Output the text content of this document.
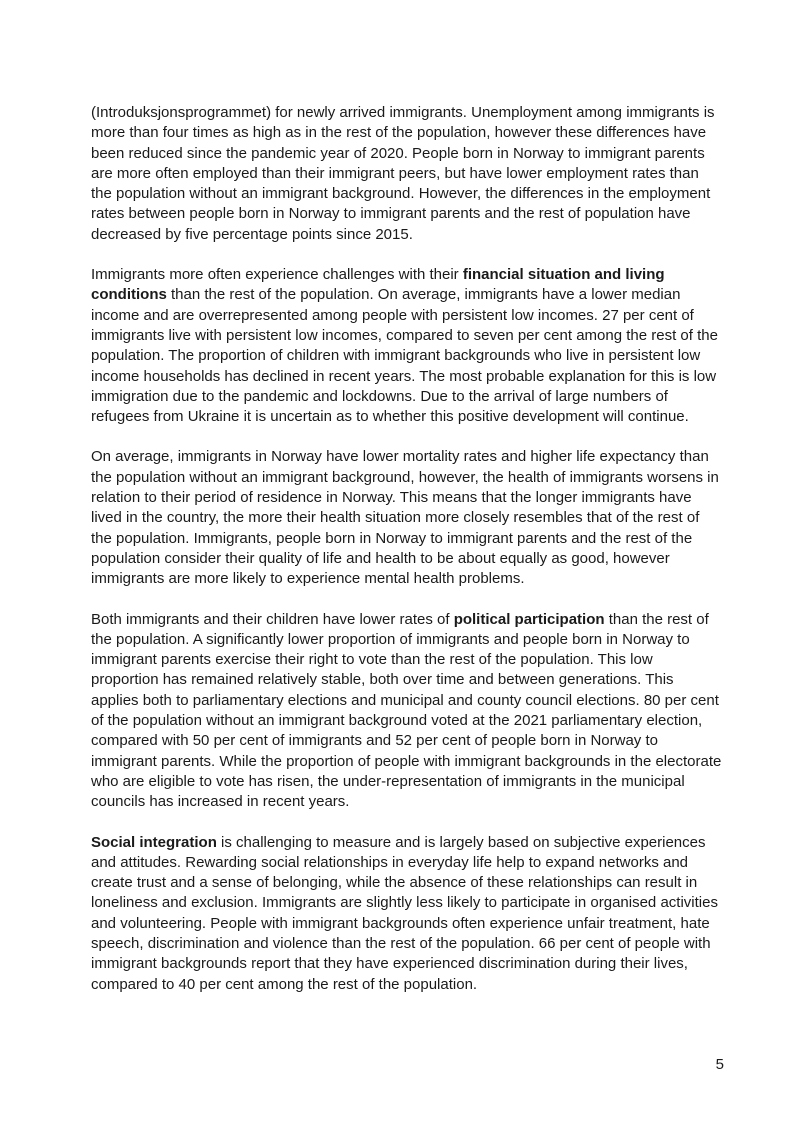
(Introduksjonsprogrammet) for newly arrived immigrants. Unemployment among immigrants is more than four times as high as in the rest of the population, however these differences have been reduced since the pandemic year of 2020. People born in Norway to immigrant parents are more often employed than their immigrant peers, but have lower employment rates than the population without an immigrant background. However, the differences in the employment rates between people born in Norway to immigrant parents and the rest of population have decreased by five percentage points since 2015.

Immigrants more often experience challenges with their financial situation and living conditions than the rest of the population. On average, immigrants have a lower median income and are overrepresented among people with persistent low incomes. 27 per cent of immigrants live with persistent low incomes, compared to seven per cent among the rest of the population. The proportion of children with immigrant backgrounds who live in persistent low income households has declined in recent years. The most probable explanation for this is low immigration due to the pandemic and lockdowns. Due to the arrival of large numbers of refugees from Ukraine it is uncertain as to whether this positive development will continue.

On average, immigrants in Norway have lower mortality rates and higher life expectancy than the population without an immigrant background, however, the health of immigrants worsens in relation to their period of residence in Norway. This means that the longer immigrants have lived in the country, the more their health situation more closely resembles that of the rest of the population. Immigrants, people born in Norway to immigrant parents and the rest of the population consider their quality of life and health to be about equally as good, however immigrants are more likely to experience mental health problems.

Both immigrants and their children have lower rates of political participation than the rest of the population. A significantly lower proportion of immigrants and people born in Norway to immigrant parents exercise their right to vote than the rest of the population. This low proportion has remained relatively stable, both over time and between generations. This applies both to parliamentary elections and municipal and county council elections. 80 per cent of the population without an immigrant background voted at the 2021 parliamentary election, compared with 50 per cent of immigrants and 52 per cent of people born in Norway to immigrant parents. While the proportion of people with immigrant backgrounds in the electorate who are eligible to vote has risen, the under-representation of immigrants in the municipal councils has increased in recent years.

Social integration is challenging to measure and is largely based on subjective experiences and attitudes. Rewarding social relationships in everyday life help to expand networks and create trust and a sense of belonging, while the absence of these relationships can result in loneliness and exclusion. Immigrants are slightly less likely to participate in organised activities and volunteering. People with immigrant backgrounds often experience unfair treatment, hate speech, discrimination and violence than the rest of the population. 66 per cent of people with immigrant backgrounds report that they have experienced discrimination during their lives, compared to 40 per cent among the rest of the population.

5
